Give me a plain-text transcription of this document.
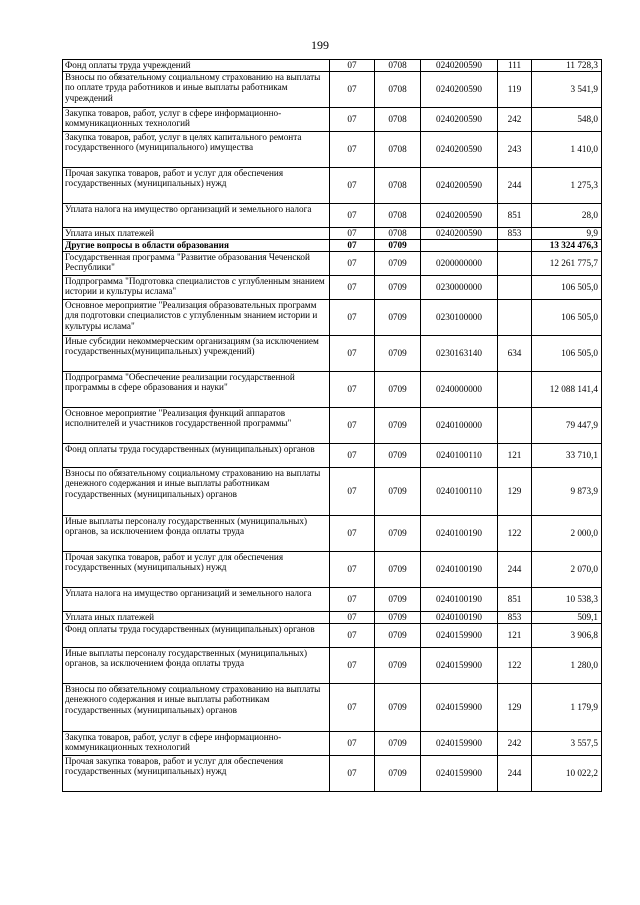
199
Фонд оплаты труда учреждений	07	0708	0240200590	111	11 728,3
Взносы по обязательному социальному страхованию на выплаты по оплате труда работников и иные выплаты работникам учреждений	07	0708	0240200590	119	3 541,9
Закупка товаров, работ, услуг в сфере информационно-коммуникационных технологий	07	0708	0240200590	242	548,0
Закупка товаров, работ, услуг в целях капитального ремонта государственного (муниципального) имущества	07	0708	0240200590	243	1 410,0
Прочая закупка товаров, работ и услуг для обеспечения государственных (муниципальных) нужд	07	0708	0240200590	244	1 275,3
Уплата налога на имущество организаций и земельного налога	07	0708	0240200590	851	28,0
Уплата иных платежей	07	0708	0240200590	853	9,9
Другие вопросы в области образования	07	0709			13 324 476,3
Государственная программа "Развитие образования Чеченской Республики"	07	0709	0200000000		12 261 775,7
Подпрограмма "Подготовка специалистов с углубленным знанием истории и культуры ислама"	07	0709	0230000000		106 505,0
Основное мероприятие "Реализация образовательных программ для подготовки специалистов с углубленным знанием истории и культуры ислама"	07	0709	0230100000		106 505,0
Иные субсидии некоммерческим организациям (за исключением государственных(муниципальных) учреждений)	07	0709	0230163140	634	106 505,0
Подпрограмма "Обеспечение реализации государственной программы в сфере образования и науки"	07	0709	0240000000		12 088 141,4
Основное мероприятие "Реализация функций аппаратов исполнителей и участников государственной программы"	07	0709	0240100000		79 447,9
Фонд оплаты труда государственных (муниципальных) органов	07	0709	0240100110	121	33 710,1
Взносы по обязательному социальному страхованию на выплаты денежного содержания и иные выплаты работникам государственных (муниципальных) органов	07	0709	0240100110	129	9 873,9
Иные выплаты персоналу государственных (муниципальных) органов, за исключением фонда оплаты труда	07	0709	0240100190	122	2 000,0
Прочая закупка товаров, работ и услуг для обеспечения государственных (муниципальных) нужд	07	0709	0240100190	244	2 070,0
Уплата налога на имущество организаций и земельного налога	07	0709	0240100190	851	10 538,3
Уплата иных платежей	07	0709	0240100190	853	509,1
Фонд оплаты труда государственных (муниципальных) органов	07	0709	0240159900	121	3 906,8
Иные выплаты персоналу государственных (муниципальных) органов, за исключением фонда оплаты труда	07	0709	0240159900	122	1 280,0
Взносы по обязательному социальному страхованию на выплаты денежного содержания и иные выплаты работникам государственных (муниципальных) органов	07	0709	0240159900	129	1 179,9
Закупка товаров, работ, услуг в сфере информационно-коммуникационных технологий	07	0709	0240159900	242	3 557,5
Прочая закупка товаров, работ и услуг для обеспечения государственных (муниципальных) нужд	07	0709	0240159900	244	10 022,2
